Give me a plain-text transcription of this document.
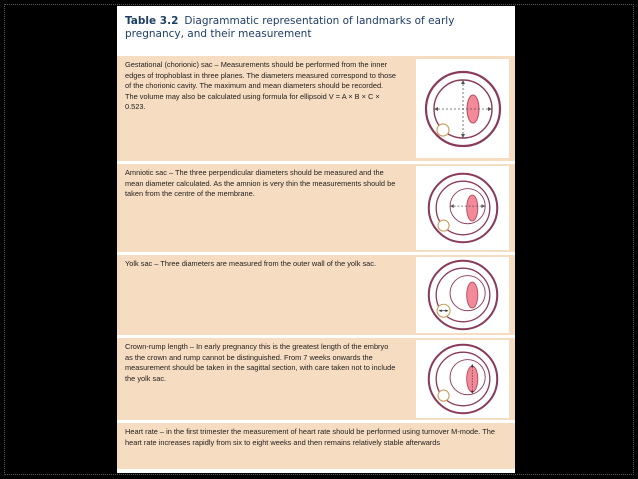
Table 3.2 Diagrammatic representation of landmarks of early pregnancy, and their measurement
Gestational (chorionic) sac – Measurements should be performed from the inner edges of trophoblast in three planes. The diameters measured correspond to those of the chorionic cavity. The maximum and mean diameters should be recorded. The volume may also be calculated using formula for ellipsoid V = A × B × C × 0.523.
Amniotic sac – The three perpendicular diameters should be measured and the mean diameter calculated. As the amnion is very thin the measurements should be taken from the centre of the membrane.
Yolk sac – Three diameters are measured from the outer wall of the yolk sac.
Crown-rump length – In early pregnancy this is the greatest length of the embryo as the crown and rump cannot be distinguished. From 7 weeks onwards the measurement should be taken in the sagittal section, with care taken not to include the yolk sac.
Heart rate – in the first trimester the measurement of heart rate should be performed using turnover M-mode. The heart rate increases rapidly from six to eight weeks and then remains relatively stable afterwards
